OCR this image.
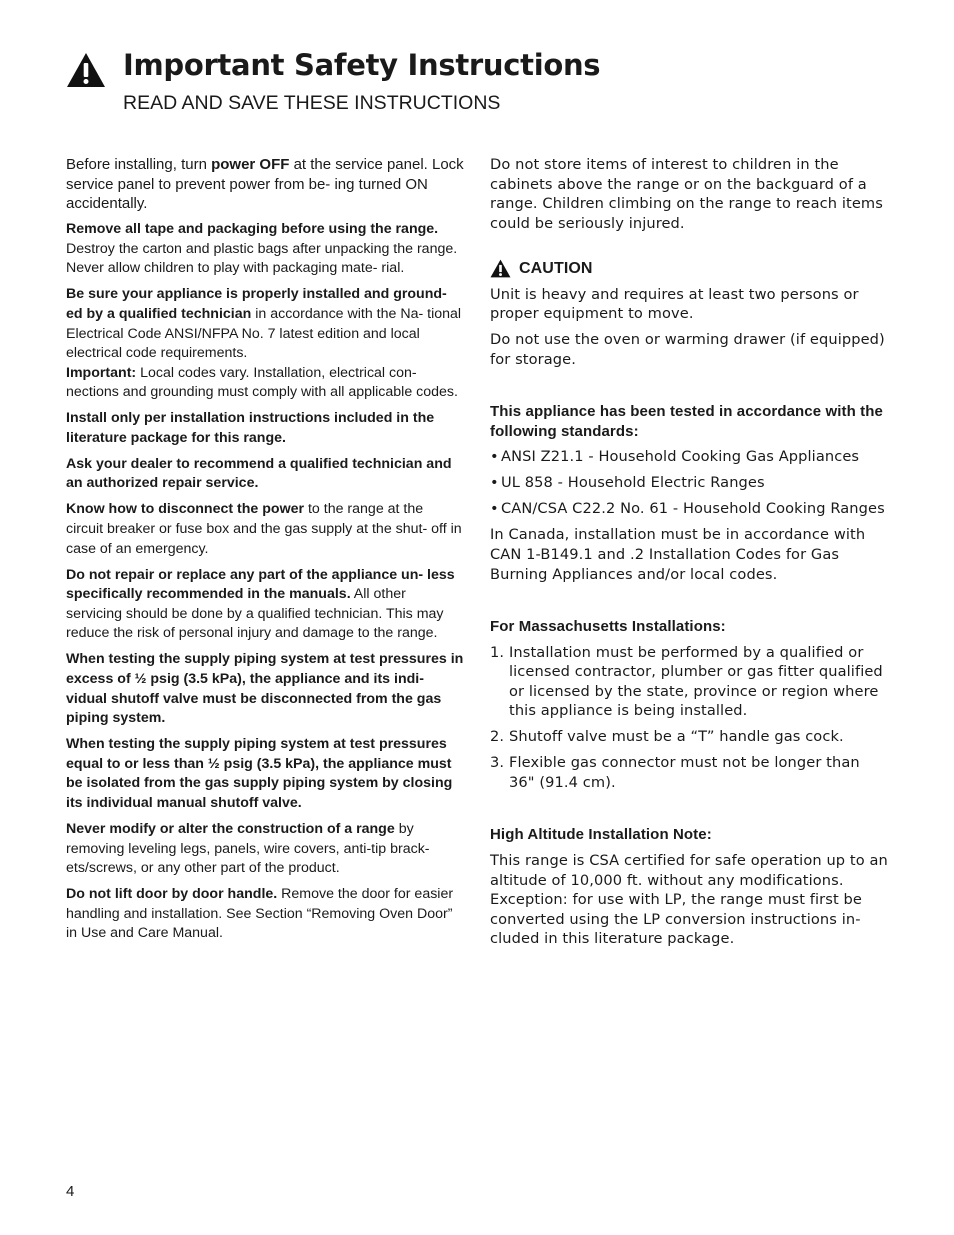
Important Safety Instructions
READ AND SAVE THESE INSTRUCTIONS

Before installing, turn power OFF at the service panel. Lock service panel to prevent power from be- ing turned ON accidentally.

Remove all tape and packaging before using the range. Destroy the carton and plastic bags after unpacking the range. Never allow children to play with packaging mate- rial.

Be sure your appliance is properly installed and ground- ed by a qualified technician in accordance with the Na- tional Electrical Code ANSI/NFPA No. 7 latest edition and local electrical code requirements.

Important: Local codes vary. Installation, electrical con- nections and grounding must comply with all applicable codes.

Install only per installation instructions included in the literature package for this range.

Ask your dealer to recommend a qualified technician and an authorized repair service.

Know how to disconnect the power to the range at the circuit breaker or fuse box and the gas supply at the shut- off in case of an emergency.

Do not repair or replace any part of the appliance un- less specifically recommended in the manuals. All other servicing should be done by a qualified technician. This may reduce the risk of personal injury and damage to the range.

When testing the supply piping system at test pressures in excess of ½ psig (3.5 kPa), the appliance and its indi- vidual shutoff valve must be disconnected from the gas piping system.

When testing the supply piping system at test pressures equal to or less than ½ psig (3.5 kPa), the appliance must be isolated from the gas supply piping system by closing its individual manual shutoff valve.

Never modify or alter the construction of a range by removing leveling legs, panels, wire covers, anti-tip brack- ets/screws, or any other part of the product.

Do not lift door by door handle. Remove the door for easier handling and installation. See Section “Removing Oven Door” in Use and Care Manual.

Do not store items of interest to children in the cabinets above the range or on the backguard of a range. Children climbing on the range to reach items could be seriously injured.

CAUTION

Unit is heavy and requires at least two persons or proper equipment to move.

Do not use the oven or warming drawer (if equipped) for storage.

This appliance has been tested in accordance with the following standards:

• ANSI Z21.1 - Household Cooking Gas Appliances
• UL 858 - Household Electric Ranges
• CAN/CSA C22.2 No. 61 - Household Cooking Ranges

In Canada, installation must be in accordance with CAN 1-B149.1 and .2 Installation Codes for Gas Burning Appliances and/or local codes.

For Massachusetts Installations:

1. Installation must be performed by a qualified or licensed contractor, plumber or gas fitter qualified or licensed by the state, province or region where this appliance is being installed.
2. Shutoff valve must be a “T” handle gas cock.
3. Flexible gas connector must not be longer than 36" (91.4 cm).

High Altitude Installation Note:

This range is CSA certified for safe operation up to an altitude of 10,000 ft. without any modifications. Exception: for use with LP, the range must first be converted using the LP conversion instructions in- cluded in this literature package.

4
